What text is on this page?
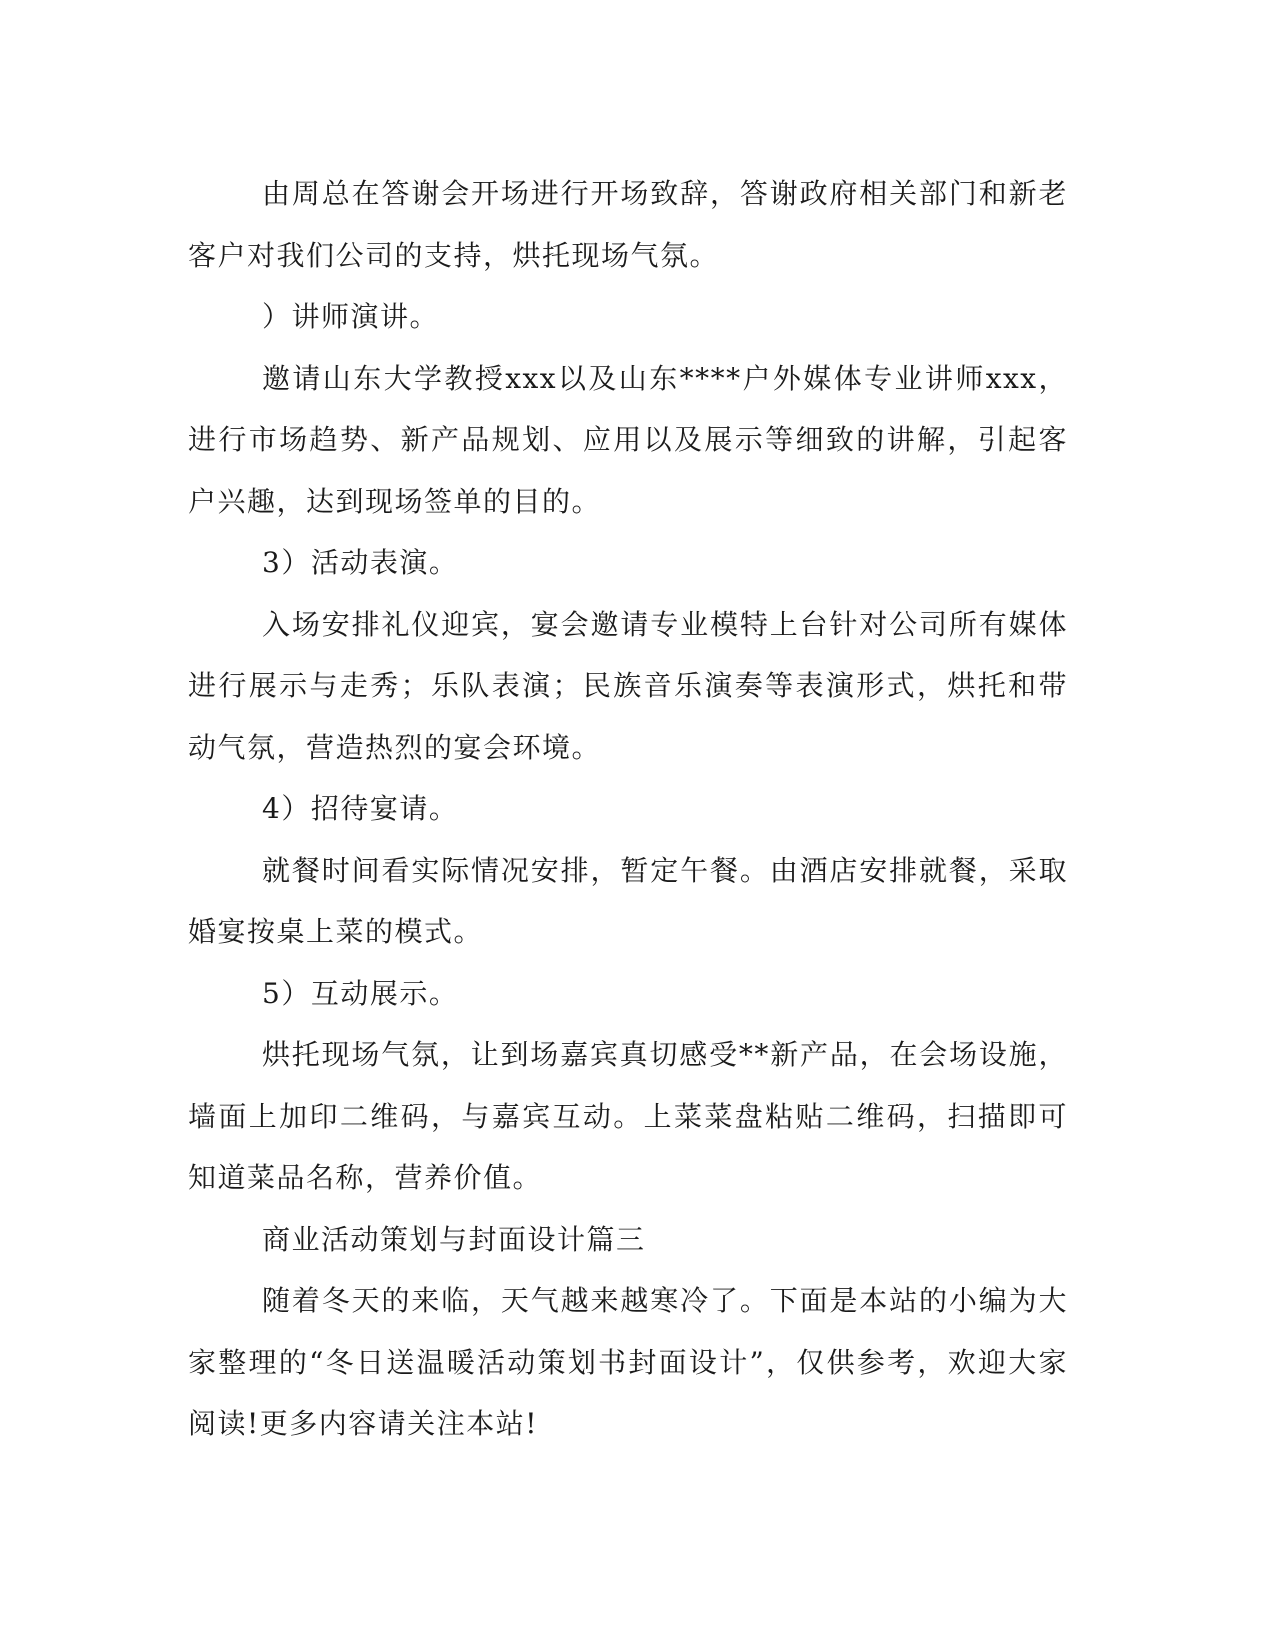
由周总在答谢会开场进行开场致辞，答谢政府相关部门和新老客户对我们公司的支持，烘托现场气氛。

）讲师演讲。

邀请山东大学教授xxx以及山东****户外媒体专业讲师xxx，进行市场趋势、新产品规划、应用以及展示等细致的讲解，引起客户兴趣，达到现场签单的目的。

3）活动表演。

入场安排礼仪迎宾，宴会邀请专业模特上台针对公司所有媒体进行展示与走秀；乐队表演；民族音乐演奏等表演形式，烘托和带动气氛，营造热烈的宴会环境。

4）招待宴请。

就餐时间看实际情况安排，暂定午餐。由酒店安排就餐，采取婚宴按桌上菜的模式。

5）互动展示。

烘托现场气氛，让到场嘉宾真切感受**新产品，在会场设施，墙面上加印二维码，与嘉宾互动。上菜菜盘粘贴二维码，扫描即可知道菜品名称，营养价值。

商业活动策划与封面设计篇三

随着冬天的来临，天气越来越寒冷了。下面是本站的小编为大家整理的“冬日送温暖活动策划书封面设计”，仅供参考，欢迎大家阅读!更多内容请关注本站!
